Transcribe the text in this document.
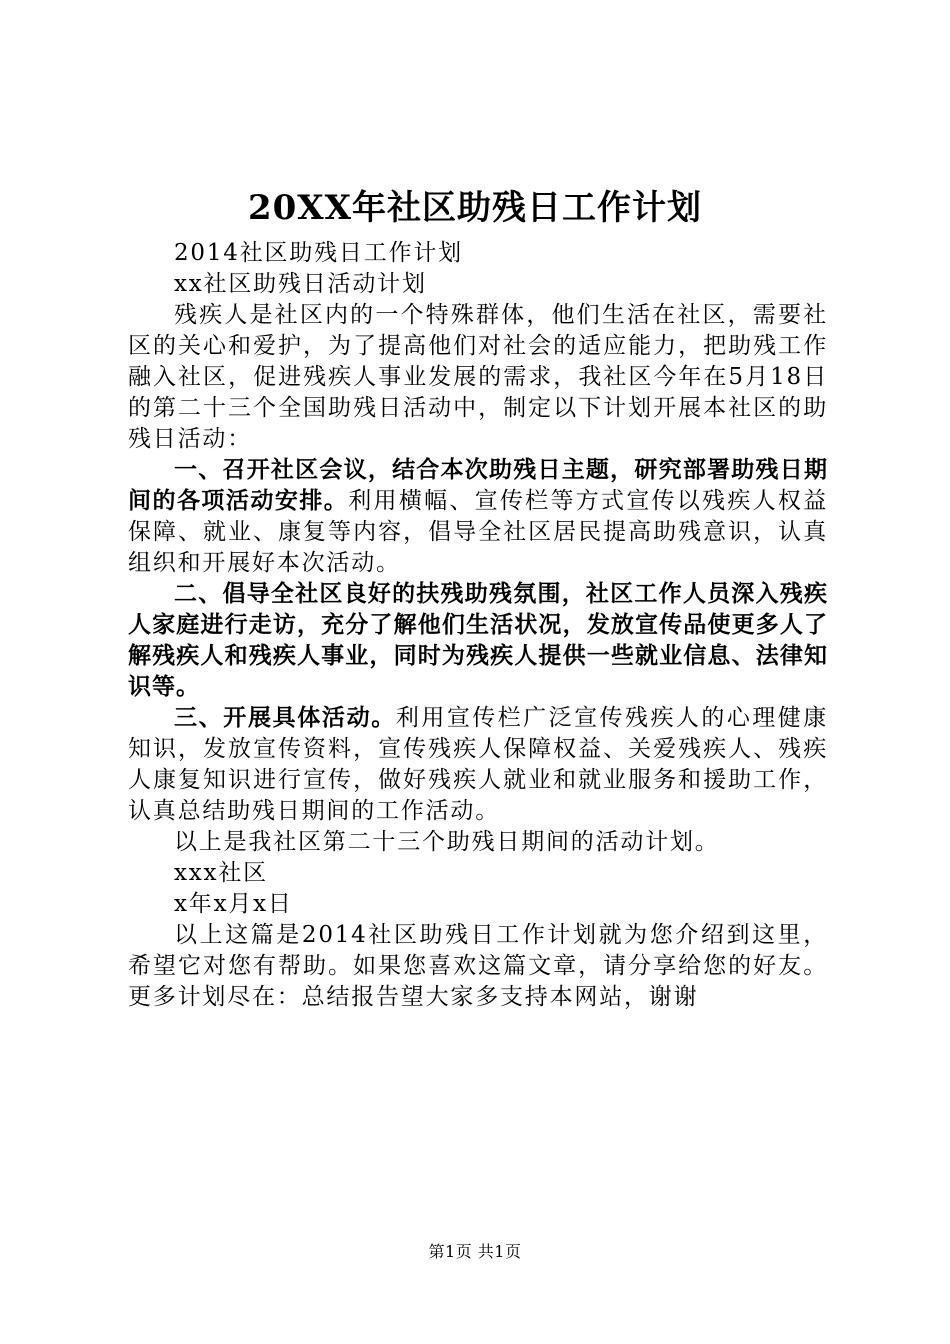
20XX年社区助残日工作计划

2014社区助残日工作计划

xx社区助残日活动计划

残疾人是社区内的一个特殊群体，他们生活在社区，需要社区的关心和爱护，为了提高他们对社会的适应能力，把助残工作融入社区，促进残疾人事业发展的需求，我社区今年在5月18日的第二十三个全国助残日活动中，制定以下计划开展本社区的助残日活动：

一、召开社区会议，结合本次助残日主题，研究部署助残日期间的各项活动安排。利用横幅、宣传栏等方式宣传以残疾人权益保障、就业、康复等内容，倡导全社区居民提高助残意识，认真组织和开展好本次活动。

二、倡导全社区良好的扶残助残氛围，社区工作人员深入残疾人家庭进行走访，充分了解他们生活状况，发放宣传品使更多人了解残疾人和残疾人事业，同时为残疾人提供一些就业信息、法律知识等。

三、开展具体活动。利用宣传栏广泛宣传残疾人的心理健康知识，发放宣传资料，宣传残疾人保障权益、关爱残疾人、残疾人康复知识进行宣传，做好残疾人就业和就业服务和援助工作，认真总结助残日期间的工作活动。

以上是我社区第二十三个助残日期间的活动计划。

xxx社区

x年x月x日

以上这篇是2014社区助残日工作计划就为您介绍到这里，希望它对您有帮助。如果您喜欢这篇文章，请分享给您的好友。更多计划尽在：总结报告望大家多支持本网站，谢谢

第1页 共1页
